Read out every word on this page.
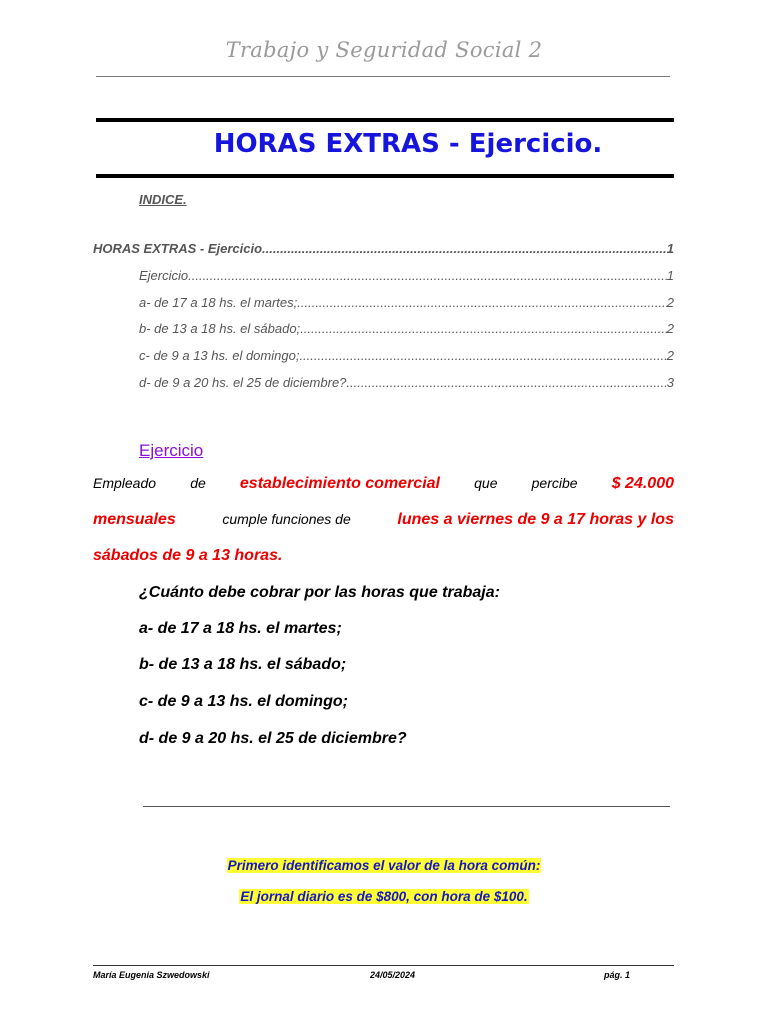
Trabajo y Seguridad Social 2
HORAS EXTRAS - Ejercicio.
INDICE.
HORAS EXTRAS - Ejercicio .....	1
Ejercicio .....	1
a- de 17 a 18 hs. el martes; .....	2
b- de 13 a 18 hs. el sábado; .....	2
c- de 9 a 13 hs. el domingo; .....	2
d- de 9 a 20 hs. el 25 de diciembre? .....	3
Ejercicio
Empleado de establecimiento comercial que percibe $ 24.000
mensuales	cumple funciones de	lunes a viernes de 9 a 17 horas y los
sábados de 9 a 13 horas.
¿Cuánto debe cobrar por las horas que trabaja:
a- de 17 a 18 hs. el martes;
b- de 13 a 18 hs. el sábado;
c- de 9 a 13 hs. el domingo;
d- de 9 a 20 hs. el 25 de diciembre?
Primero identificamos el valor de la hora común:
El jornal diario es de $800, con hora de $100.
María Eugenia Szwedowski	24/05/2024	pág. 1
